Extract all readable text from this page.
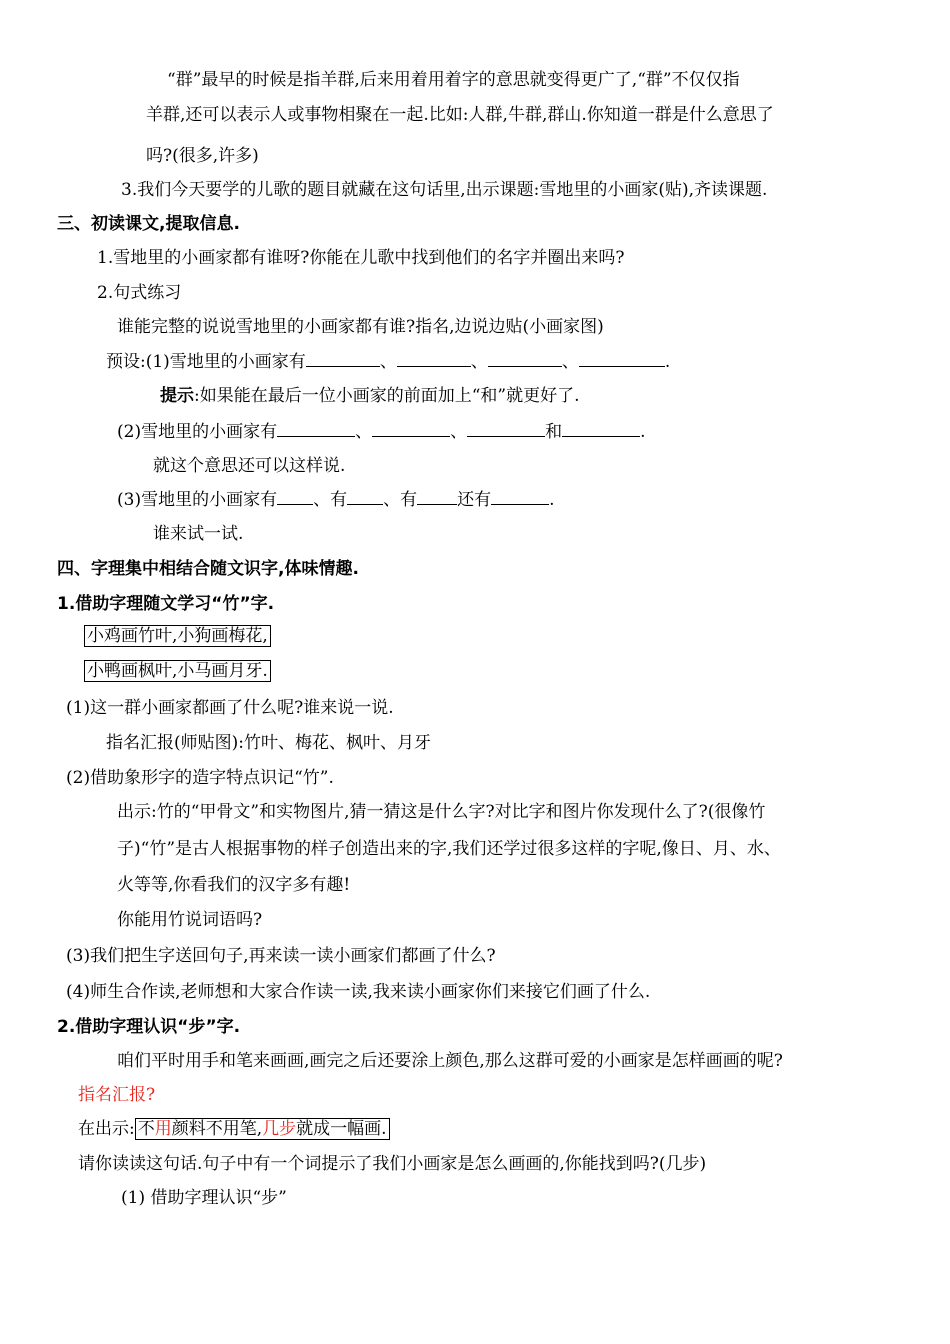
“群”最早的时候是指羊群,后来用着用着字的意思就变得更广了,“群”不仅仅指
羊群,还可以表示人或事物相聚在一起.比如:人群,牛群,群山.你知道一群是什么意思了
吗?(很多,许多)
3.我们今天要学的儿歌的题目就藏在这句话里,出示课题:雪地里的小画家(贴),齐读课题.
三、初读课文,提取信息.
1.雪地里的小画家都有谁呀?你能在儿歌中找到他们的名字并圈出来吗?
2.句式练习
谁能完整的说说雪地里的小画家都有谁?指名,边说边贴(小画家图)
预设:(1)雪地里的小画家有	、	、	、	.
提示:如果能在最后一位小画家的前面加上“和”就更好了.
(2)雪地里的小画家有	、	、	和	.
就这个意思还可以这样说.
(3)雪地里的小画家有 、有 、有 还有	.
谁来试一试.
四、字理集中相结合随文识字,体味情趣.
1.借助字理随文学习“竹”字.
小鸡画竹叶,小狗画梅花,
小鸭画枫叶,小马画月牙.
(1)这一群小画家都画了什么呢?谁来说一说.
指名汇报(师贴图):竹叶、梅花、枫叶、月牙
(2)借助象形字的造字特点识记“竹”.
出示:竹的“甲骨文”和实物图片,猜一猜这是什么字?对比字和图片你发现什么了?(很像竹
子)“竹”是古人根据事物的样子创造出来的字,我们还学过很多这样的字呢,像日、月、水、
火等等,你看我们的汉字多有趣!
你能用竹说词语吗?
(3)我们把生字送回句子,再来读一读小画家们都画了什么?
(4)师生合作读,老师想和大家合作读一读,我来读小画家你们来接它们画了什么.
2.借助字理认识“步”字.
咱们平时用手和笔来画画,画完之后还要涂上颜色,那么这群可爱的小画家是怎样画画的呢?
指名汇报?
在出示: 不用颜料不用笔,几步就成一幅画.
请你读读这句话.句子中有一个词提示了我们小画家是怎么画画的,你能找到吗?(几步)
(1) 借助字理认识“步”
